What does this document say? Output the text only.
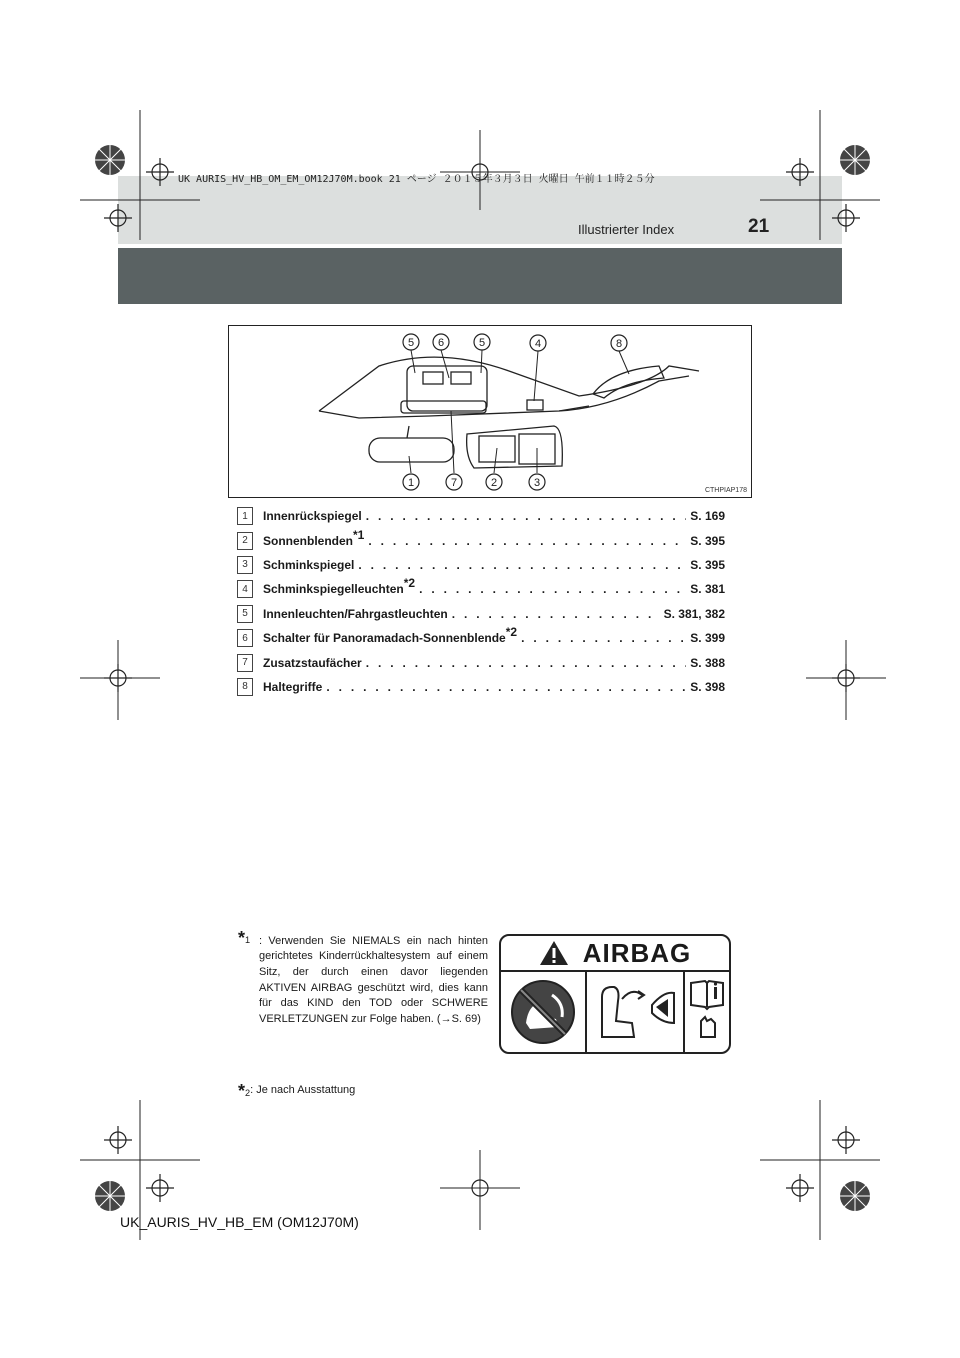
UK AURIS_HV_HB_OM_EM_OM12J70M.book 21 ページ ２０１５年３月３日 火曜日 午前１１時２５分
Illustrierter Index	21
5 6	5	4	8
1	7	2	3
CTHPIAP178
1	Innenrückspiegel . . .	S. 169
2	Sonnenblenden$^{*1}$ . . .	S. 395
3	Schminkspiegel . . .	S. 395
4	Schminkspiegelleuchten$^{*2}$ . . .	S. 381
5	Innenleuchten/Fahrgastleuchten . . .	S. 381, 382
6	Schalter für Panoramadach-Sonnenblende$^{*2}$ . . .	S. 399
7	Zusatzstaufächer . . .	S. 388
8	Haltegriffe . . .	S. 398
$*_1$ : Verwenden Sie NIEMALS ein nach hinten gerichtetes Kinderrückhaltesystem auf einem Sitz, der durch einen davor liegenden AKTIVEN AIRBAG geschützt wird, dies kann für das KIND den TOD oder SCHWERE VERLETZUNGEN zur Folge haben. (→S. 69)
$*_2$: Je nach Ausstattung
AIRBAG
UK_AURIS_HV_HB_EM (OM12J70M)
